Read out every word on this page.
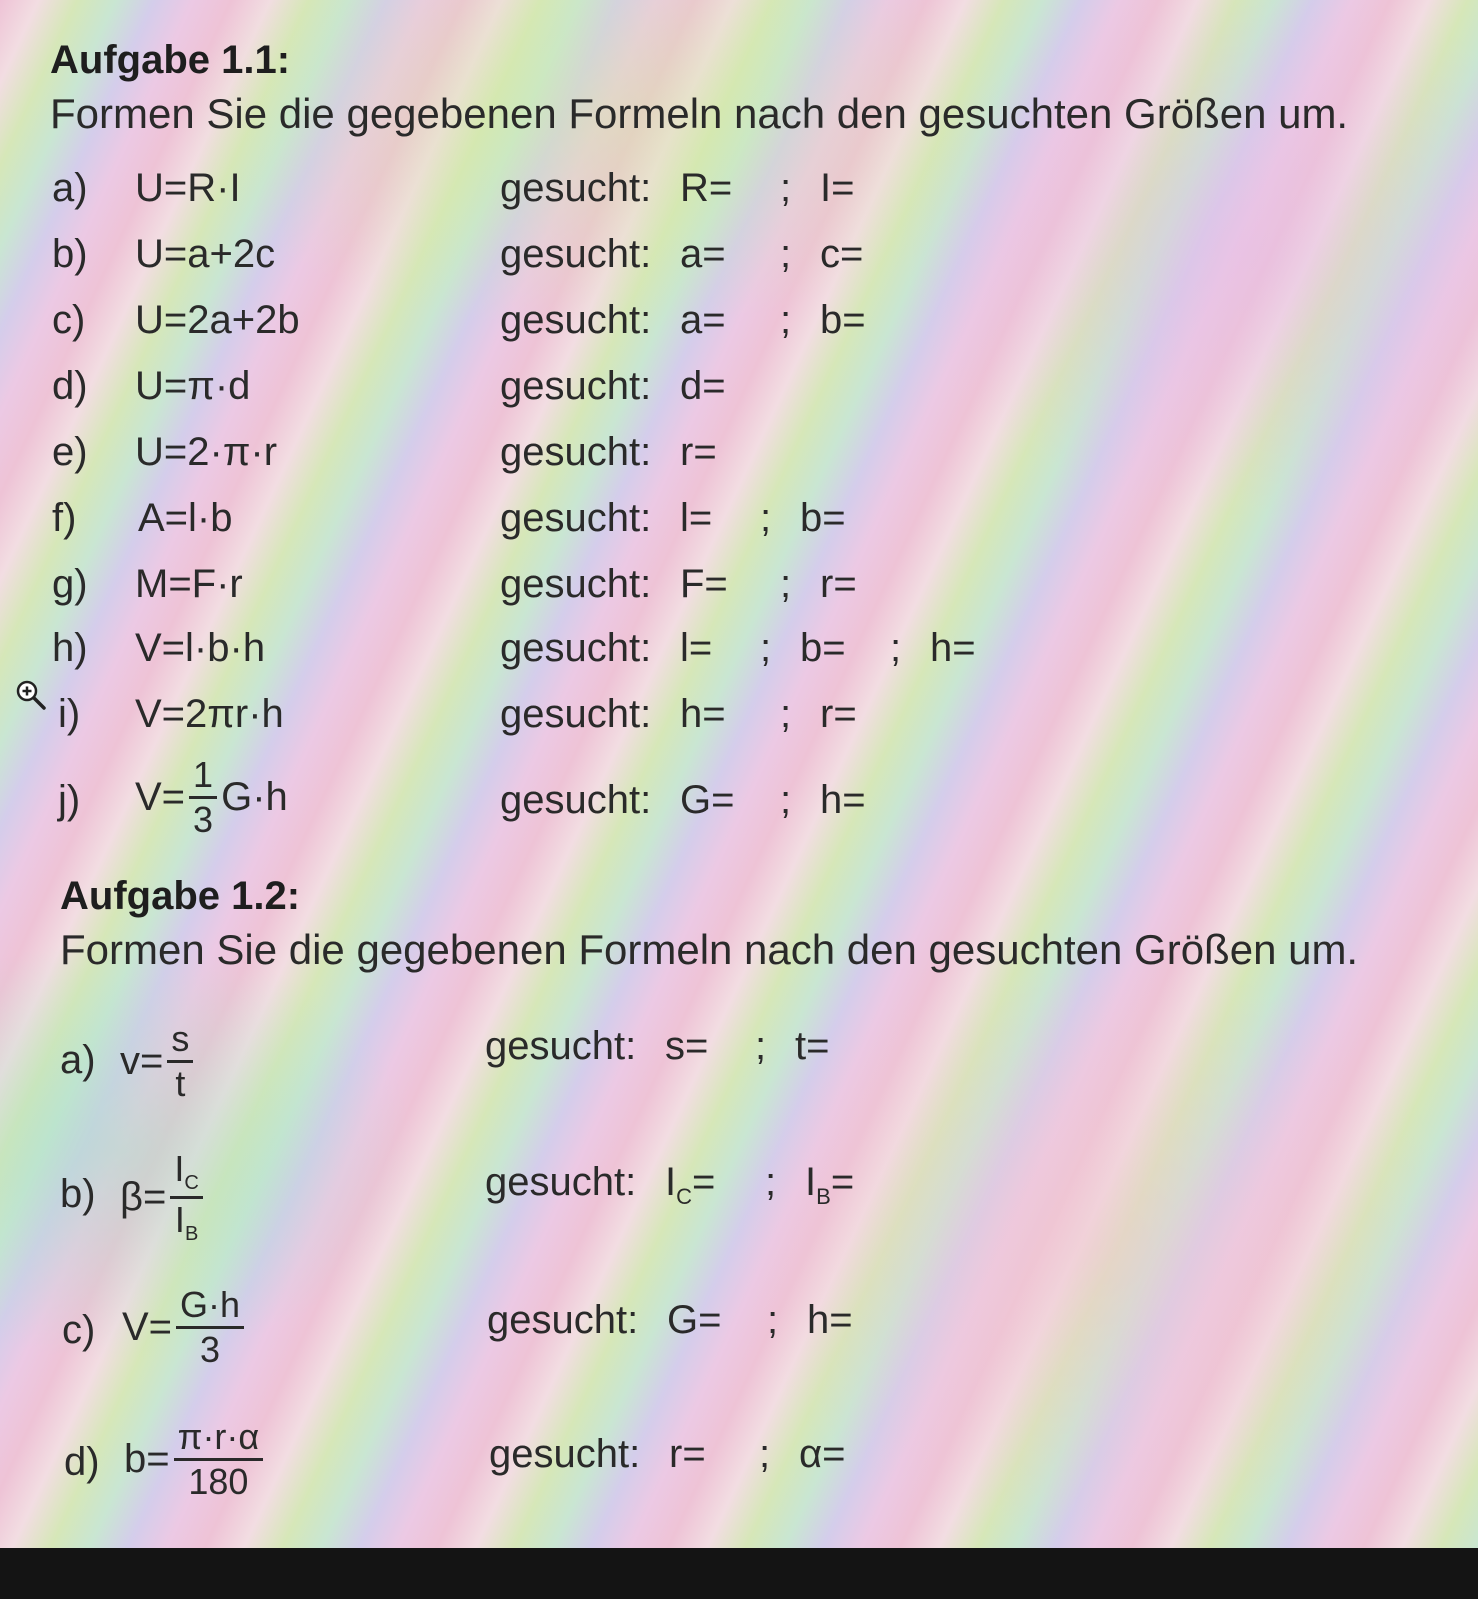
Aufgabe 1.1:
Formen Sie die gegebenen Formeln nach den gesuchten Größen um.
a) U=R·I	gesucht: R= ; I=
b) U=a+2c	gesucht: a= ; c=
c) U=2a+2b	gesucht: a= ; b=
d) U=π·d	gesucht: d=
e) U=2·π·r	gesucht: r=
f) A=l·b	gesucht: l= ; b=
g) M=F·r	gesucht: F= ; r=
h) V=l·b·h	gesucht: l= ; b= ; h=
i) V=2πr·h	gesucht: h= ; r=
j) $V= \frac{1}{3} G\cdot h$	gesucht: G= ; h=
Aufgabe 1.2:
Formen Sie die gegebenen Formeln nach den gesuchten Größen um.
a) $v= \frac{s}{t}$	gesucht: s= ; t=
b) $\beta= \frac{I_C}{I_B}$	gesucht: $I_C=$ ; $I_B=$
c) $V= \frac{G\cdot h}{3}$	gesucht: G= ; h=
d) $b= \frac{\pi\cdot r\cdot\alpha}{180}$	gesucht: r= ; α=
